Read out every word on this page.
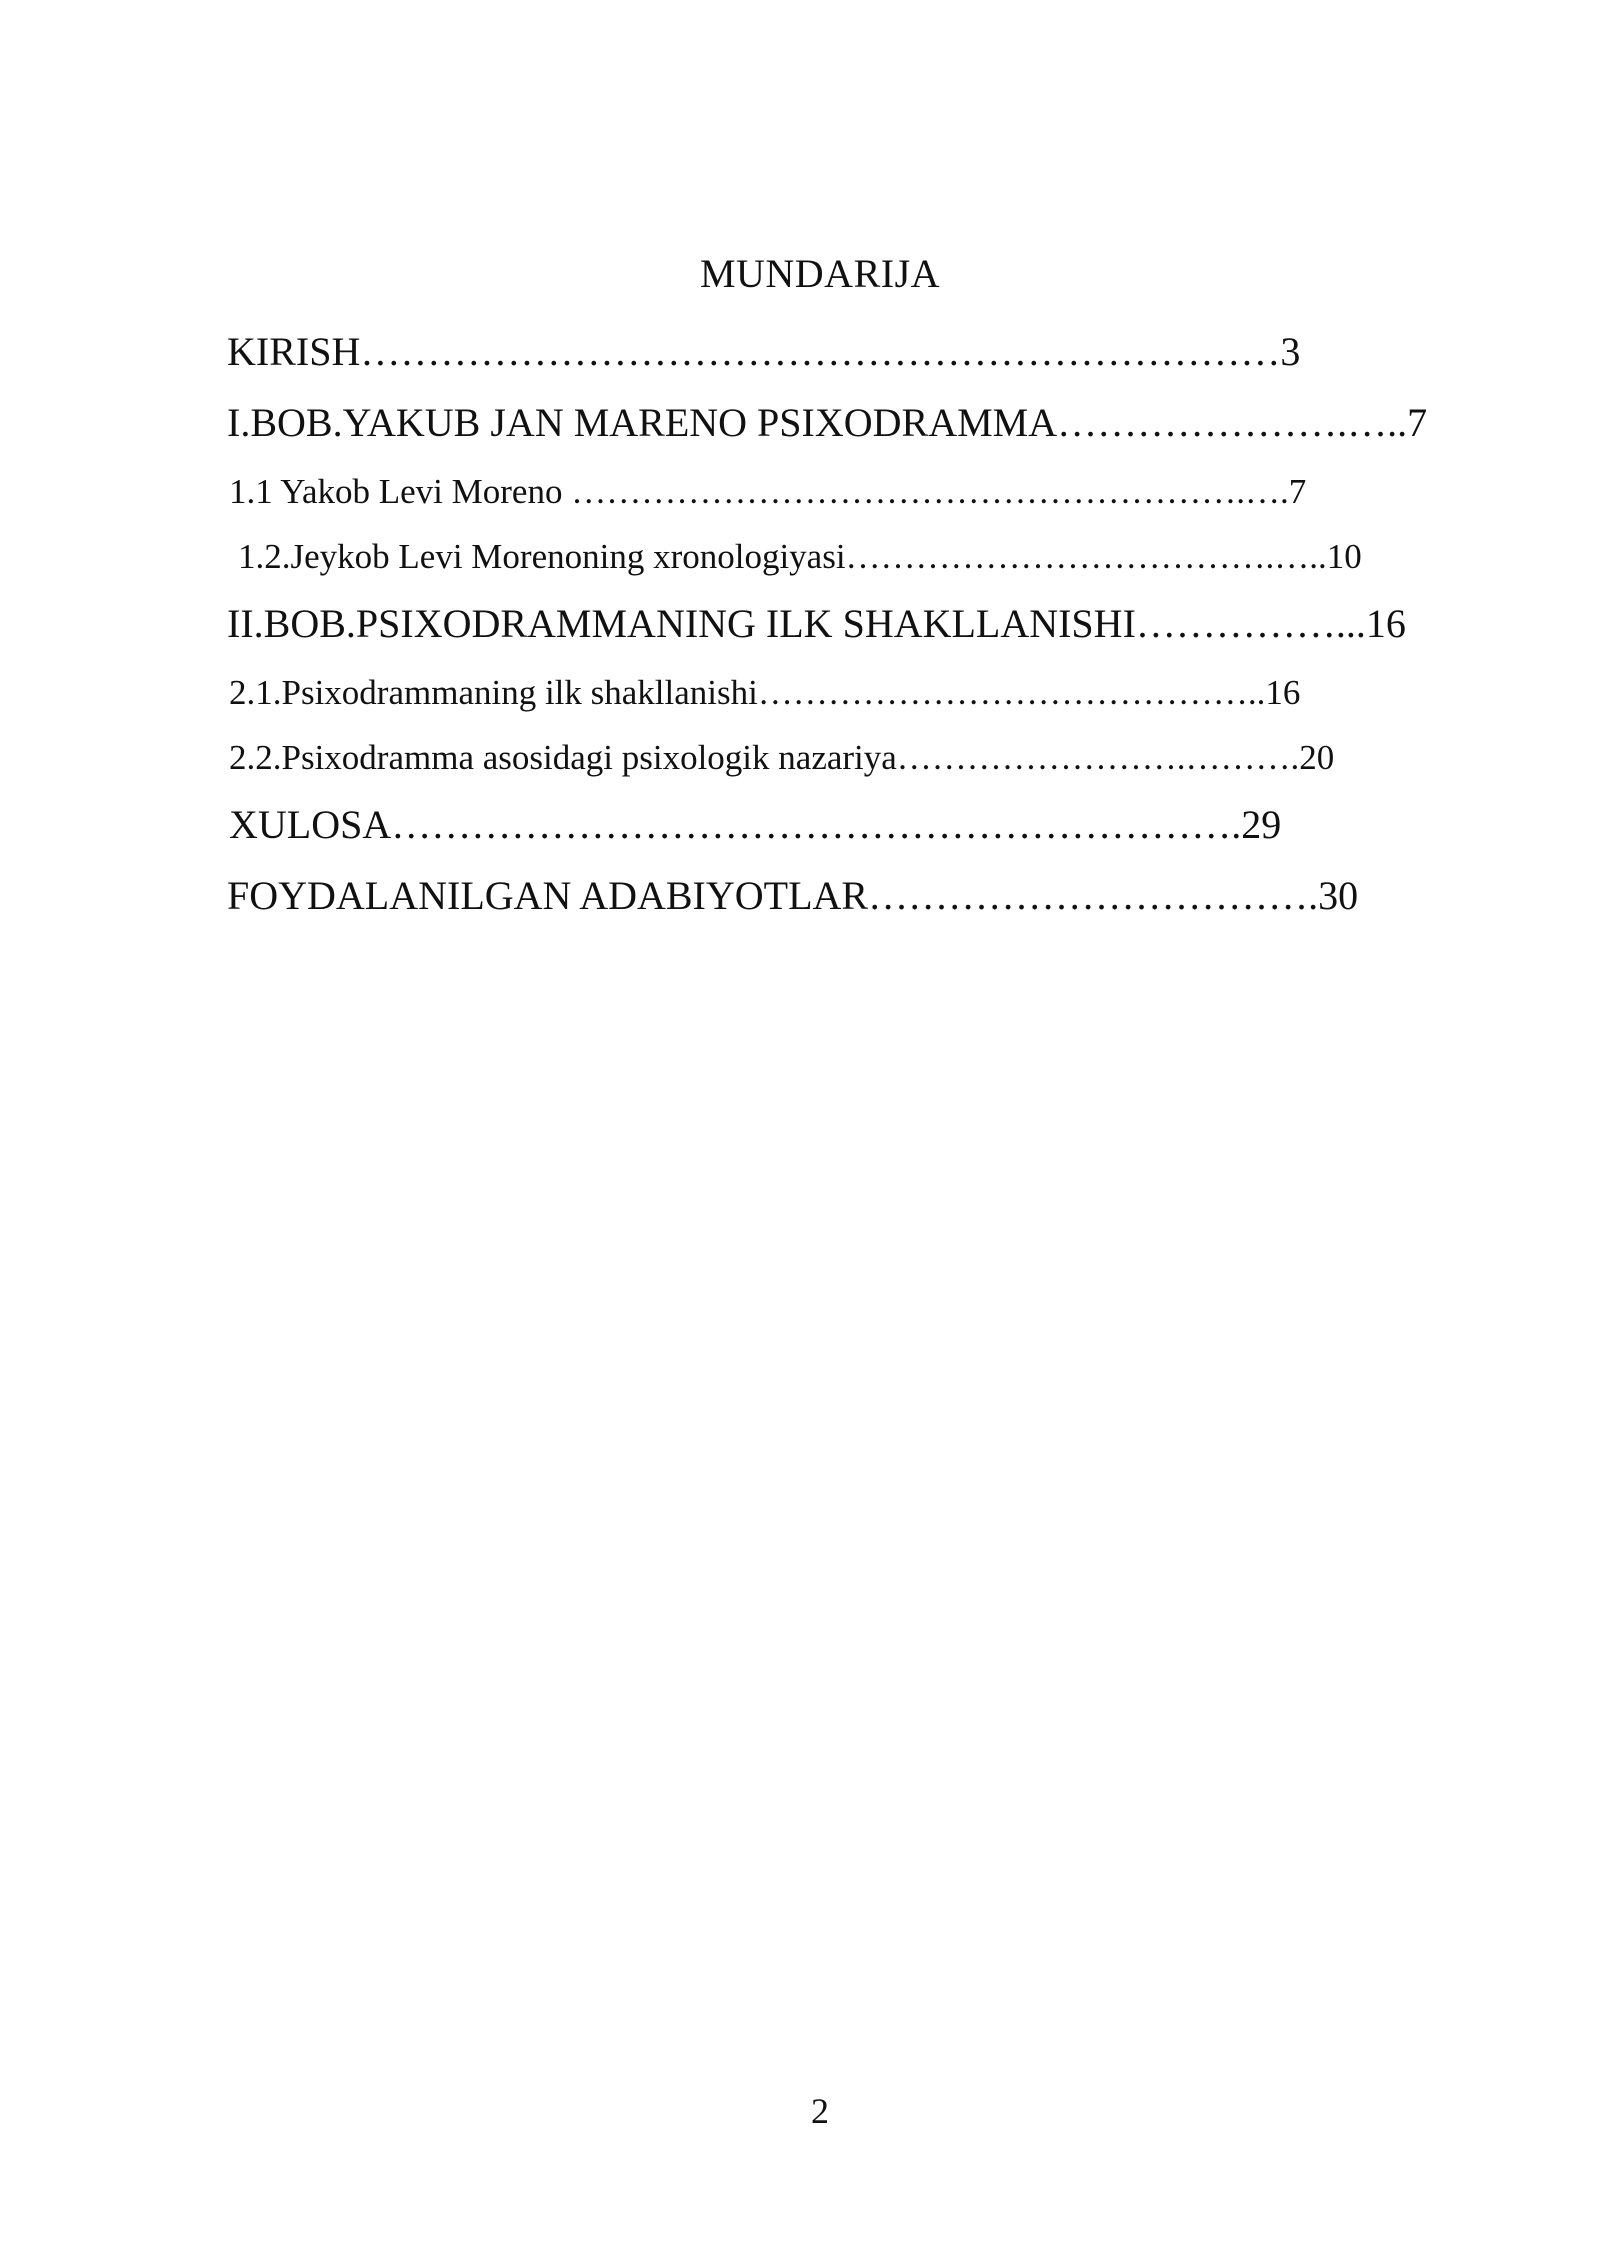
MUNDARIJA

KIRISH……………………………………………………………3

I.BOB.YAKUB JAN MARENO PSIXODRAMMA………………….…..7

1.1 Yakob Levi Moreno ………………………………………………….….7

1.2.Jeykob Levi Morenoning xronologiyasi……………………………….…..10

II.BOB.PSIXODRAMMANING ILK SHAKLLANISHI……………...16

2.1.Psixodrammaning ilk shakllanishi……………………………………..16

2.2.Psixodramma asosidagi psixologik nazariya…………………….……….20

XULOSA……………………………………………………….29

FOYDALANILGAN ADABIYOTLAR…………………………….30

2
